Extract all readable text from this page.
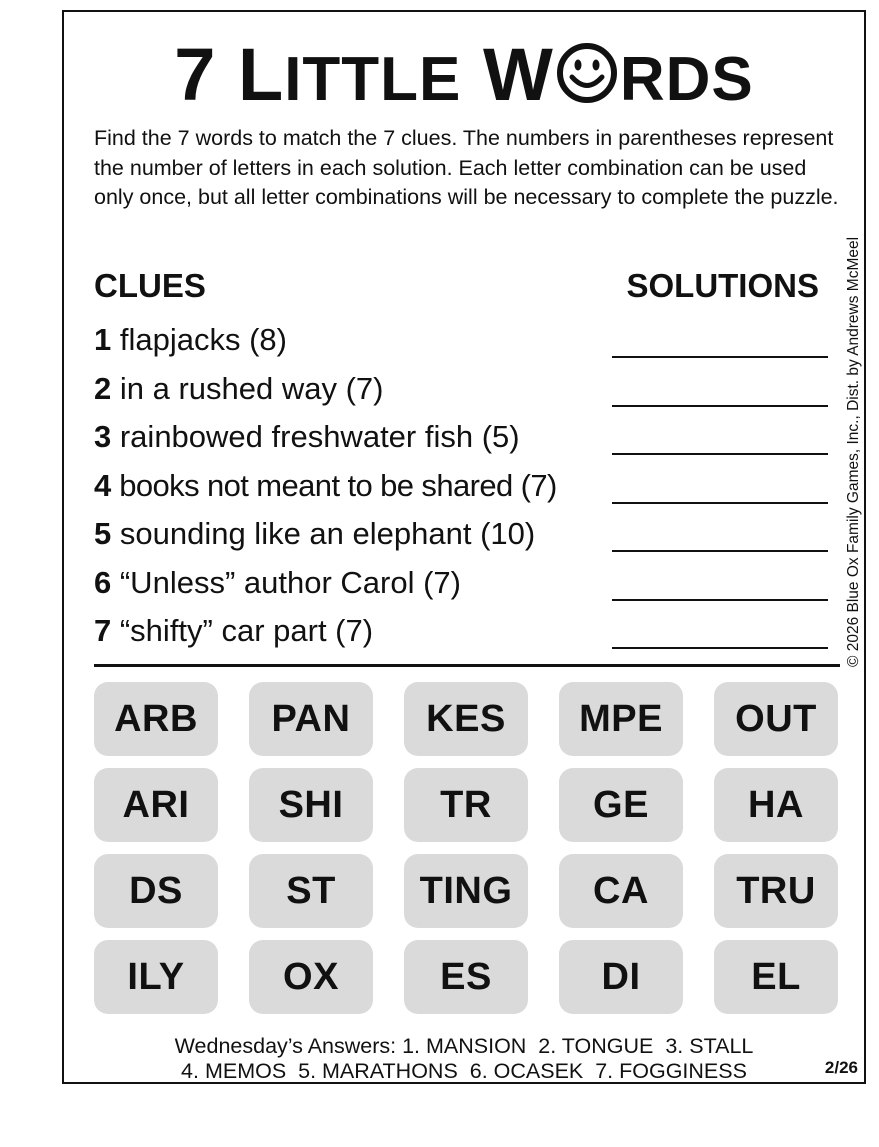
7 LITTLE W RDS

Find the 7 words to match the 7 clues. The numbers in parentheses represent the number of letters in each solution. Each letter combination can be used only once, but all letter combinations will be necessary to complete the puzzle.

CLUES	SOLUTIONS
1 flapjacks (8)
2 in a rushed way (7)
3 rainbowed freshwater fish (5)
4 books not meant to be shared (7)
5 sounding like an elephant (10)
6 “Unless” author Carol (7)
7 “shifty” car part (7)	© 2026 Blue Ox Family Games, Inc., Dist. by Andrews McMeel
ARB	PAN	KES	MPE	OUT
ARI	SHI	TR	GE	HA
DS	ST	TING	CA	TRU
ILY	OX	ES	DI	EL

Wednesday’s Answers: 1. MANSION  2. TONGUE  3. STALL

4. MEMOS  5. MARATHONS  6. OCASEK  7. FOGGINESS	2/26
